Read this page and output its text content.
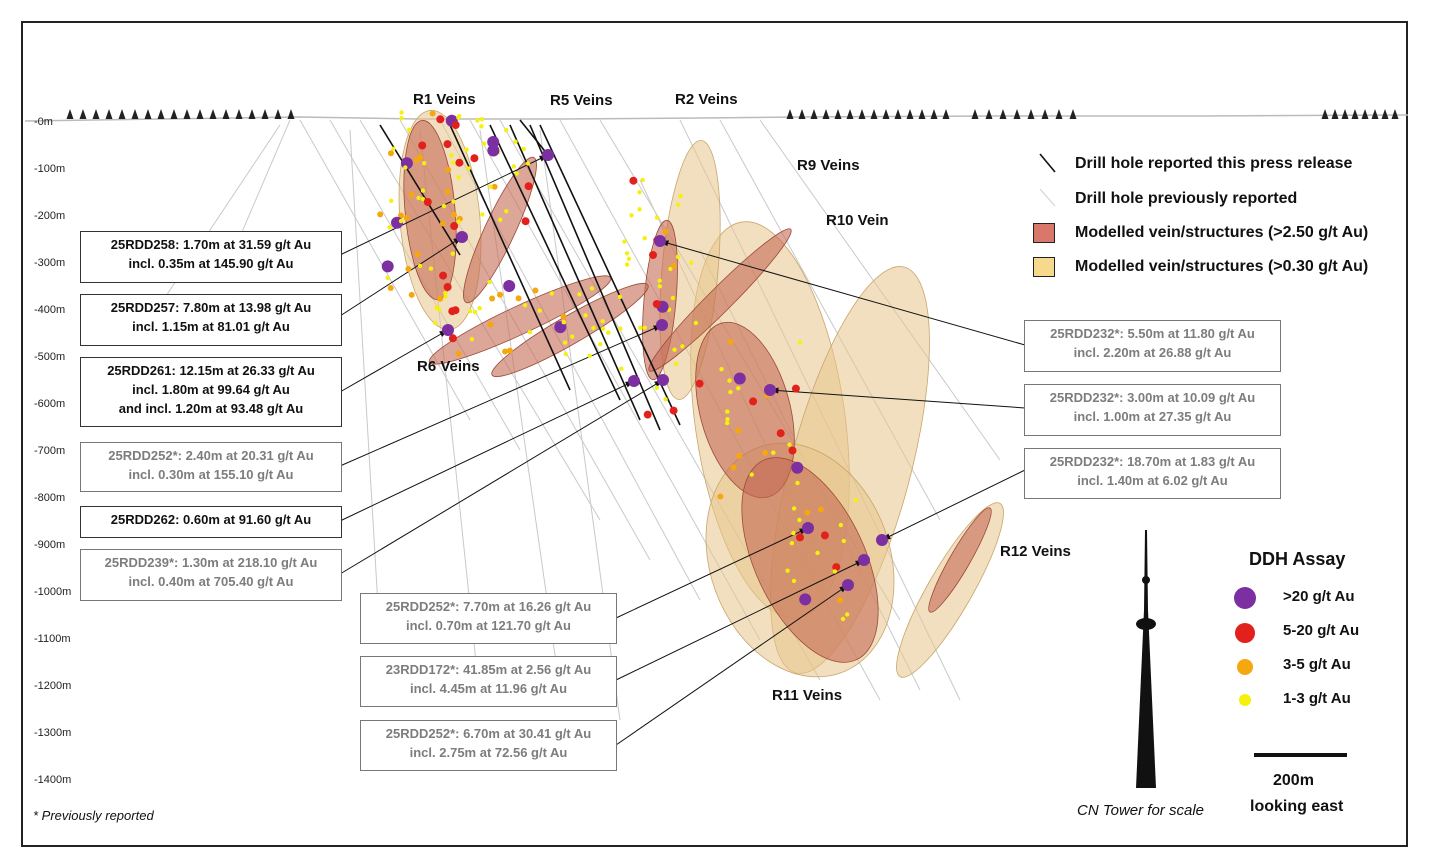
-0m
-100m
-200m
-300m
-400m
-500m
-600m
-700m
-800m
-900m
-1000m
-1100m
-1200m
-1300m
-1400m
R1 Veins	R5 Veins	R2 Veins
R9 Veins
R10 Vein
R6 Veins
R11 Veins
R12 Veins
Drill hole reported this press release
Drill hole previously reported
Modelled vein/structures (>2.50 g/t Au)
Modelled vein/structures (>0.30 g/t Au)
DDH Assay
>20 g/t Au
5-20 g/t Au
3-5 g/t Au
1-3 g/t Au
200m
looking east
CN Tower for scale
* Previously reported
25RDD258: 1.70m at 31.59 g/t Au
incl. 0.35m at 145.90 g/t Au
25RDD257: 7.80m at 13.98 g/t Au
incl. 1.15m at 81.01 g/t Au
25RDD261: 12.15m at 26.33 g/t Au
incl. 1.80m at 99.64 g/t Au
and incl. 1.20m at 93.48 g/t Au
25RDD252*: 2.40m at 20.31 g/t Au
incl. 0.30m at 155.10 g/t Au
25RDD262: 0.60m at 91.60 g/t Au
25RDD239*: 1.30m at 218.10 g/t Au
incl. 0.40m at 705.40 g/t Au
25RDD252*: 7.70m at 16.26 g/t Au
incl. 0.70m at 121.70 g/t Au
23RDD172*: 41.85m at 2.56 g/t Au
incl. 4.45m at 11.96 g/t Au
25RDD252*: 6.70m at 30.41 g/t Au
incl. 2.75m at 72.56 g/t Au
25RDD232*: 5.50m at 11.80 g/t Au
incl. 2.20m at 26.88 g/t Au
25RDD232*: 3.00m at 10.09 g/t Au
incl. 1.00m at 27.35 g/t Au
25RDD232*: 18.70m at 1.83 g/t Au
incl. 1.40m at 6.02 g/t Au
